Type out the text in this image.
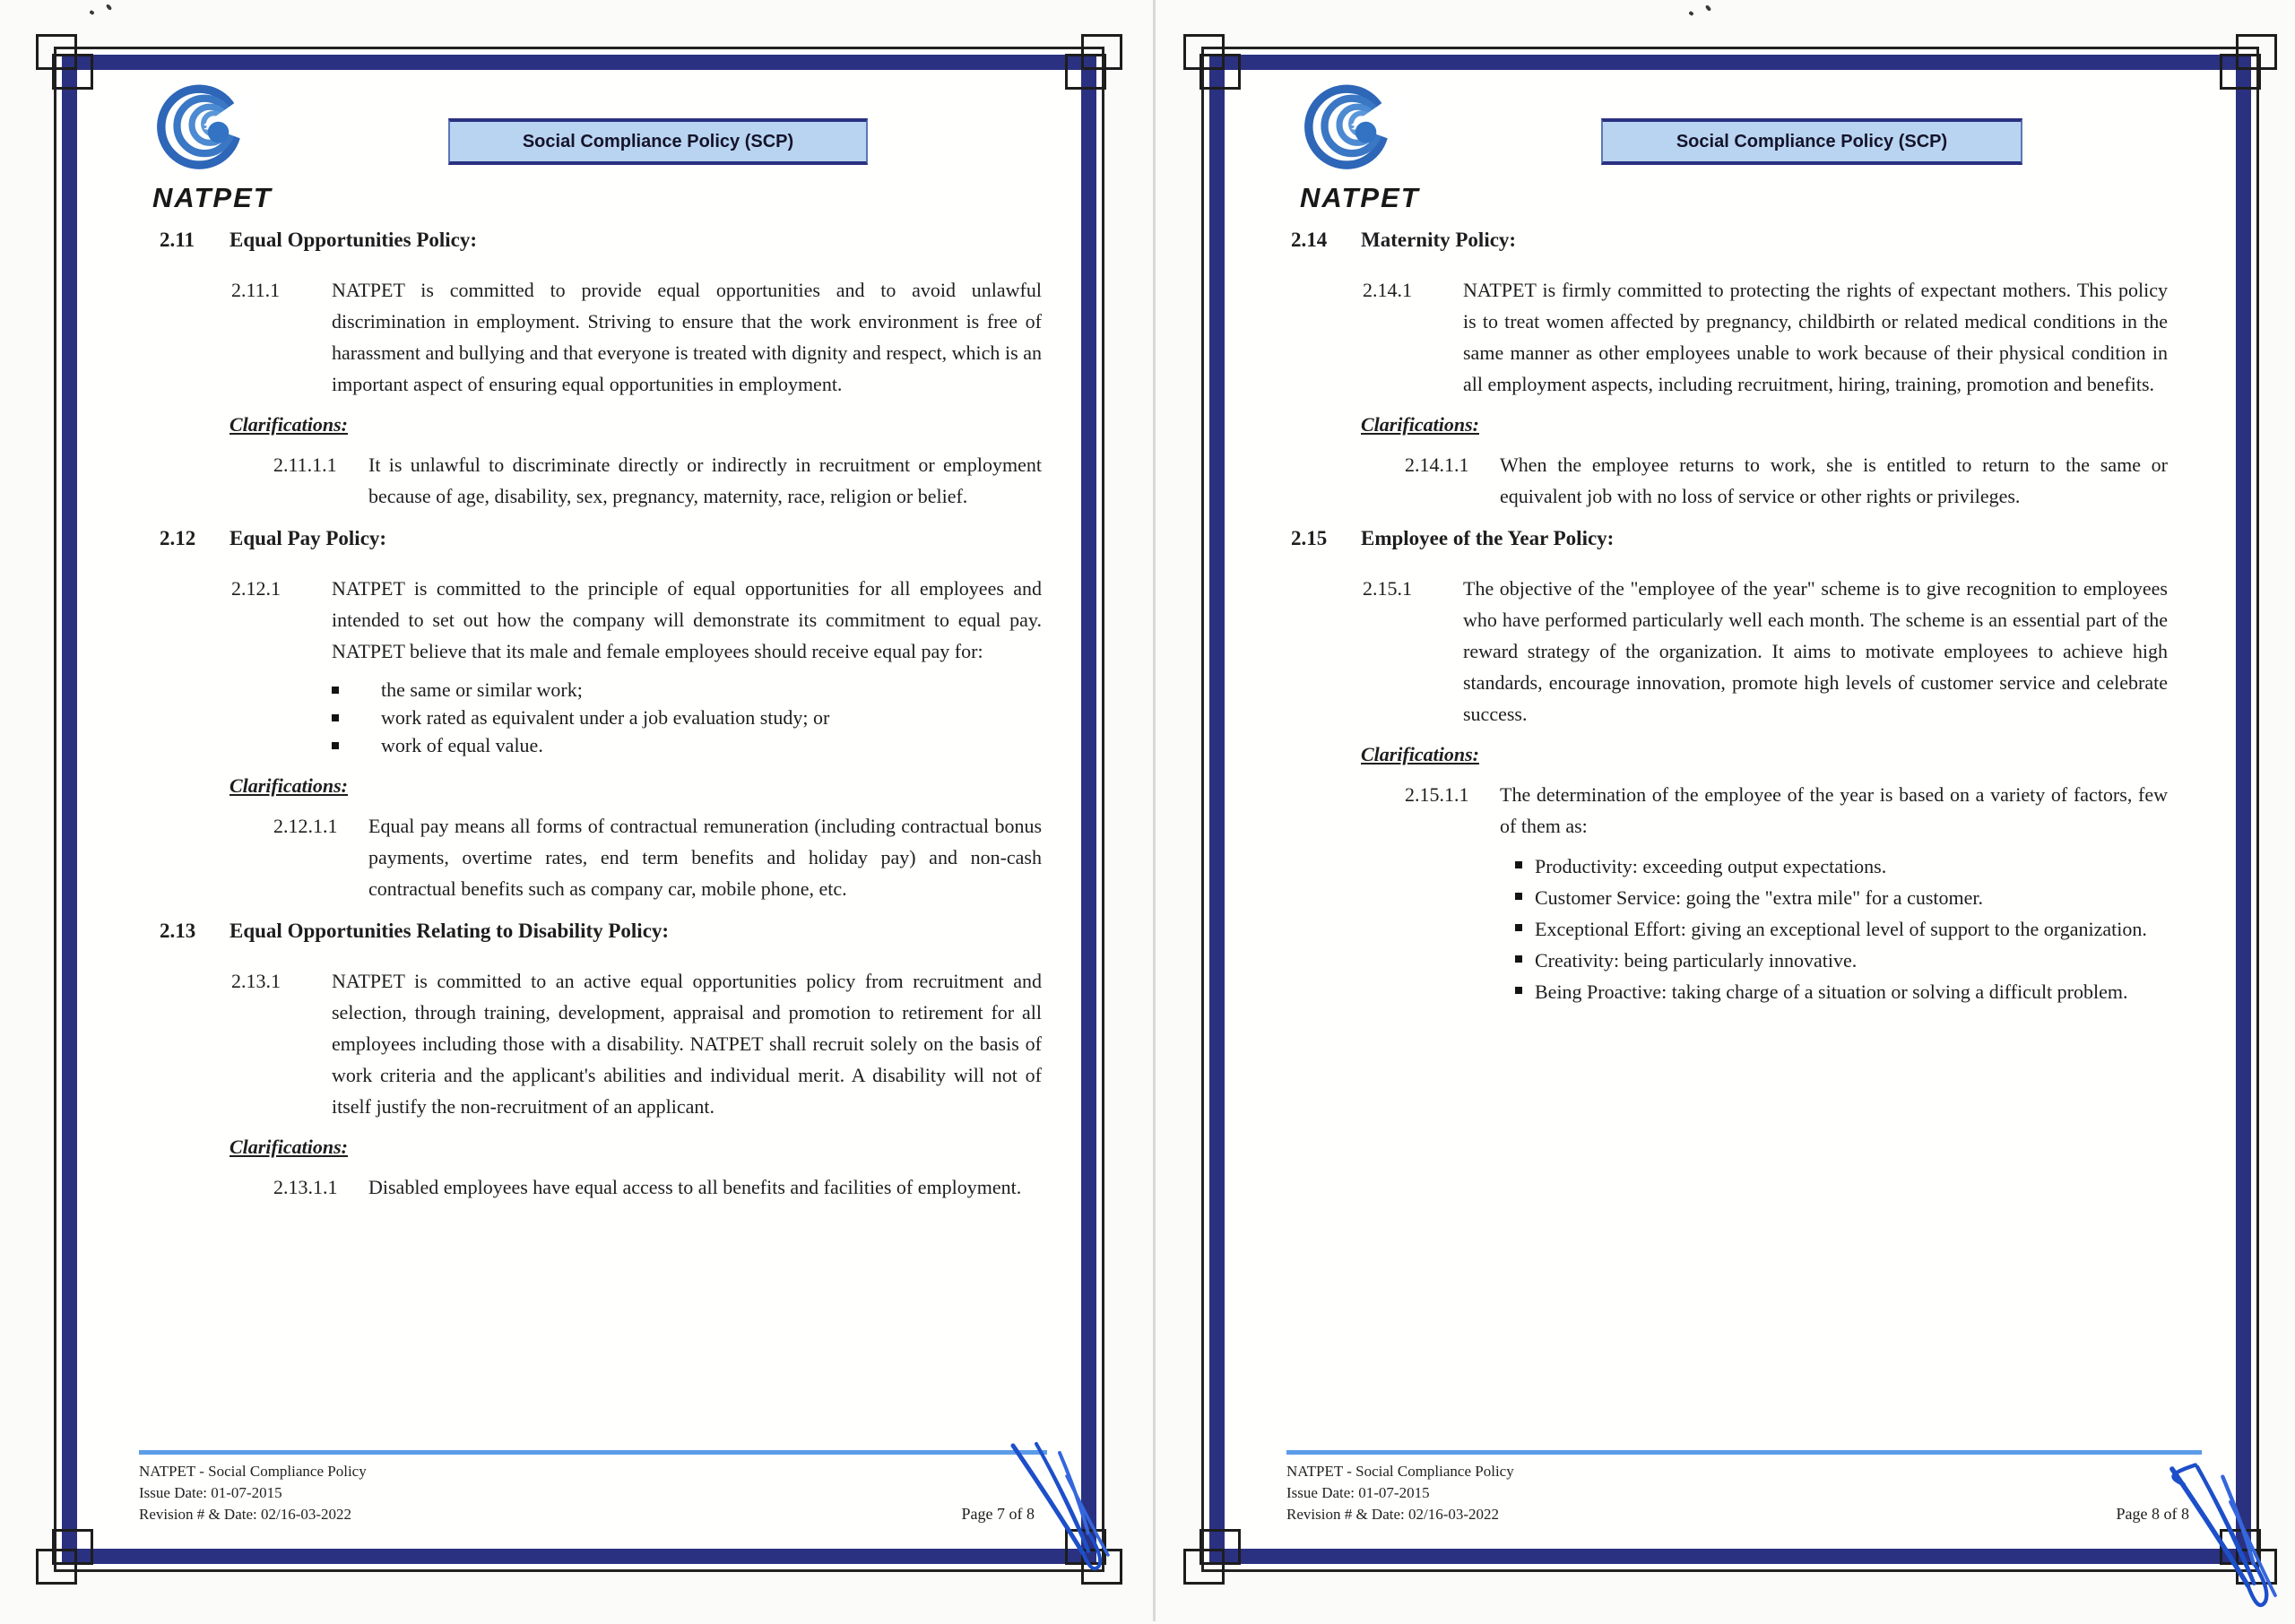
NATPET
Social Compliance Policy (SCP)
2.11	Equal Opportunities Policy:
2.11.1	NATPET is committed to provide equal opportunities and to avoid unlawful discrimination in employment. Striving to ensure that the work environment is free of harassment and bullying and that everyone is treated with dignity and respect, which is an important aspect of ensuring equal opportunities in employment.
Clarifications:
2.11.1.1	It is unlawful to discriminate directly or indirectly in recruitment or employment because of age, disability, sex, pregnancy, maternity, race, religion or belief.
2.12	Equal Pay Policy:
2.12.1	NATPET is committed to the principle of equal opportunities for all employees and intended to set out how the company will demonstrate its commitment to equal pay. NATPET believe that its male and female employees should receive equal pay for:
the same or similar work;
work rated as equivalent under a job evaluation study; or
work of equal value.
Clarifications:
2.12.1.1	Equal pay means all forms of contractual remuneration (including contractual bonus payments, overtime rates, end term benefits and holiday pay) and non-cash contractual benefits such as company car, mobile phone, etc.
2.13	Equal Opportunities Relating to Disability Policy:
2.13.1	NATPET is committed to an active equal opportunities policy from recruitment and selection, through training, development, appraisal and promotion to retirement for all employees including those with a disability. NATPET shall recruit solely on the basis of work criteria and the applicant's abilities and individual merit. A disability will not of itself justify the non-recruitment of an applicant.
Clarifications:
2.13.1.1	Disabled employees have equal access to all benefits and facilities of employment.
NATPET - Social Compliance Policy
Issue Date: 01-07-2015
Revision # & Date: 02/16-03-2022	Page 7 of 8
NATPET
Social Compliance Policy (SCP)
2.14	Maternity Policy:
2.14.1	NATPET is firmly committed to protecting the rights of expectant mothers. This policy is to treat women affected by pregnancy, childbirth or related medical conditions in the same manner as other employees unable to work because of their physical condition in all employment aspects, including recruitment, hiring, training, promotion and benefits.
Clarifications:
2.14.1.1	When the employee returns to work, she is entitled to return to the same or equivalent job with no loss of service or other rights or privileges.
2.15	Employee of the Year Policy:
2.15.1	The objective of the "employee of the year" scheme is to give recognition to employees who have performed particularly well each month. The scheme is an essential part of the reward strategy of the organization. It aims to motivate employees to achieve high standards, encourage innovation, promote high levels of customer service and celebrate success.
Clarifications:
2.15.1.1	The determination of the employee of the year is based on a variety of factors, few of them as:
Productivity: exceeding output expectations.
Customer Service: going the "extra mile" for a customer.
Exceptional Effort: giving an exceptional level of support to the organization.
Creativity: being particularly innovative.
Being Proactive: taking charge of a situation or solving a difficult problem.
NATPET - Social Compliance Policy
Issue Date: 01-07-2015
Revision # & Date: 02/16-03-2022	Page 8 of 8
